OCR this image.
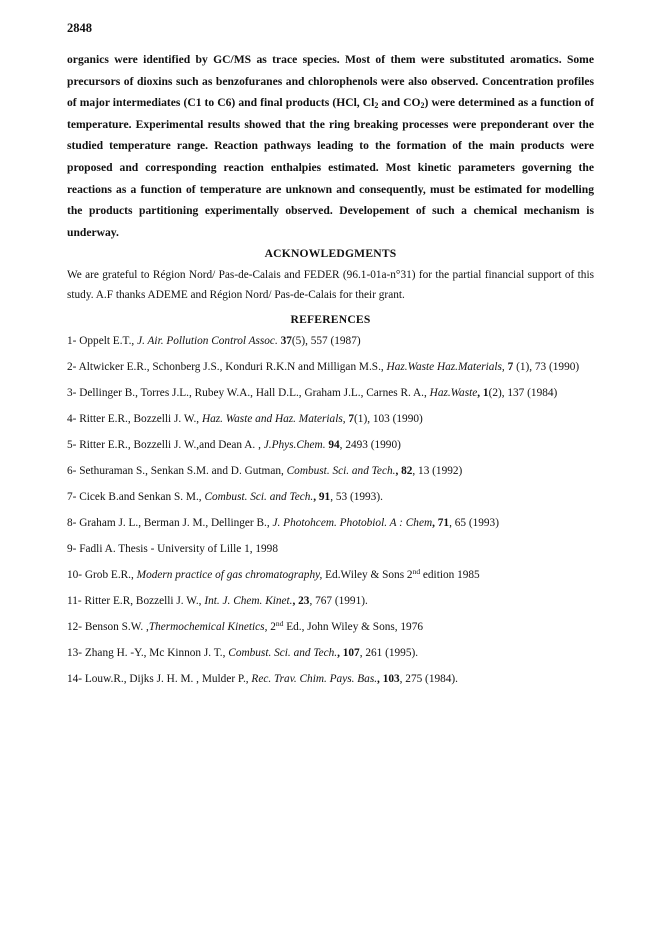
2848

organics were identified by GC/MS as trace species. Most of them were substituted aromatics. Some precursors of dioxins such as benzofuranes and chlorophenols were also observed. Concentration profiles of major intermediates (C1 to C6) and final products (HCl, $Cl_2$ and $CO_2$) were determined as a function of temperature. Experimental results showed that the ring breaking processes were preponderant over the studied temperature range. Reaction pathways leading to the formation of the main products were proposed and corresponding reaction enthalpies estimated. Most kinetic parameters governing the reactions as a function of temperature are unknown and consequently, must be estimated for modelling the products partitioning experimentally observed. Developement of such a chemical mechanism is underway.

ACKNOWLEDGMENTS

We are grateful to Région Nord/ Pas-de-Calais and FEDER (96.1-01a-n°31) for the partial financial support of this study. A.F thanks ADEME and Région Nord/ Pas-de-Calais for their grant.

REFERENCES
1- Oppelt E.T., J. Air. Pollution Control Assoc. 37(5), 557 (1987)
2- Altwicker E.R., Schonberg J.S., Konduri R.K.N and Milligan M.S., Haz.Waste Haz.Materials, 7 (1), 73 (1990)
3- Dellinger B., Torres J.L., Rubey W.A., Hall D.L., Graham J.L., Carnes R. A., Haz.Waste, 1(2), 137 (1984)
4- Ritter E.R., Bozzelli J. W., Haz. Waste and Haz. Materials, 7(1), 103 (1990)
5- Ritter E.R., Bozzelli J. W.,and Dean A. , J.Phys.Chem. 94, 2493 (1990)
6- Sethuraman S., Senkan S.M. and D. Gutman, Combust. Sci. and Tech., 82, 13 (1992)
7- Cicek B.and Senkan S. M., Combust. Sci. and Tech., 91, 53 (1993).
8- Graham J. L., Berman J. M., Dellinger B., J. Photohcem. Photobiol. A : Chem, 71, 65 (1993)
9- Fadli A. Thesis - University of Lille 1, 1998
10- Grob E.R., Modern practice of gas chromatography, Ed.Wiley & Sons 2nd edition 1985
11- Ritter E.R, Bozzelli J. W., Int. J. Chem. Kinet., 23, 767 (1991).
12- Benson S.W. ,Thermochemical Kinetics, 2nd Ed., John Wiley & Sons, 1976
13- Zhang H. -Y., Mc Kinnon J. T., Combust. Sci. and Tech., 107, 261 (1995).
14- Louw.R., Dijks J. H. M. , Mulder P., Rec. Trav. Chim. Pays. Bas., 103, 275 (1984).
